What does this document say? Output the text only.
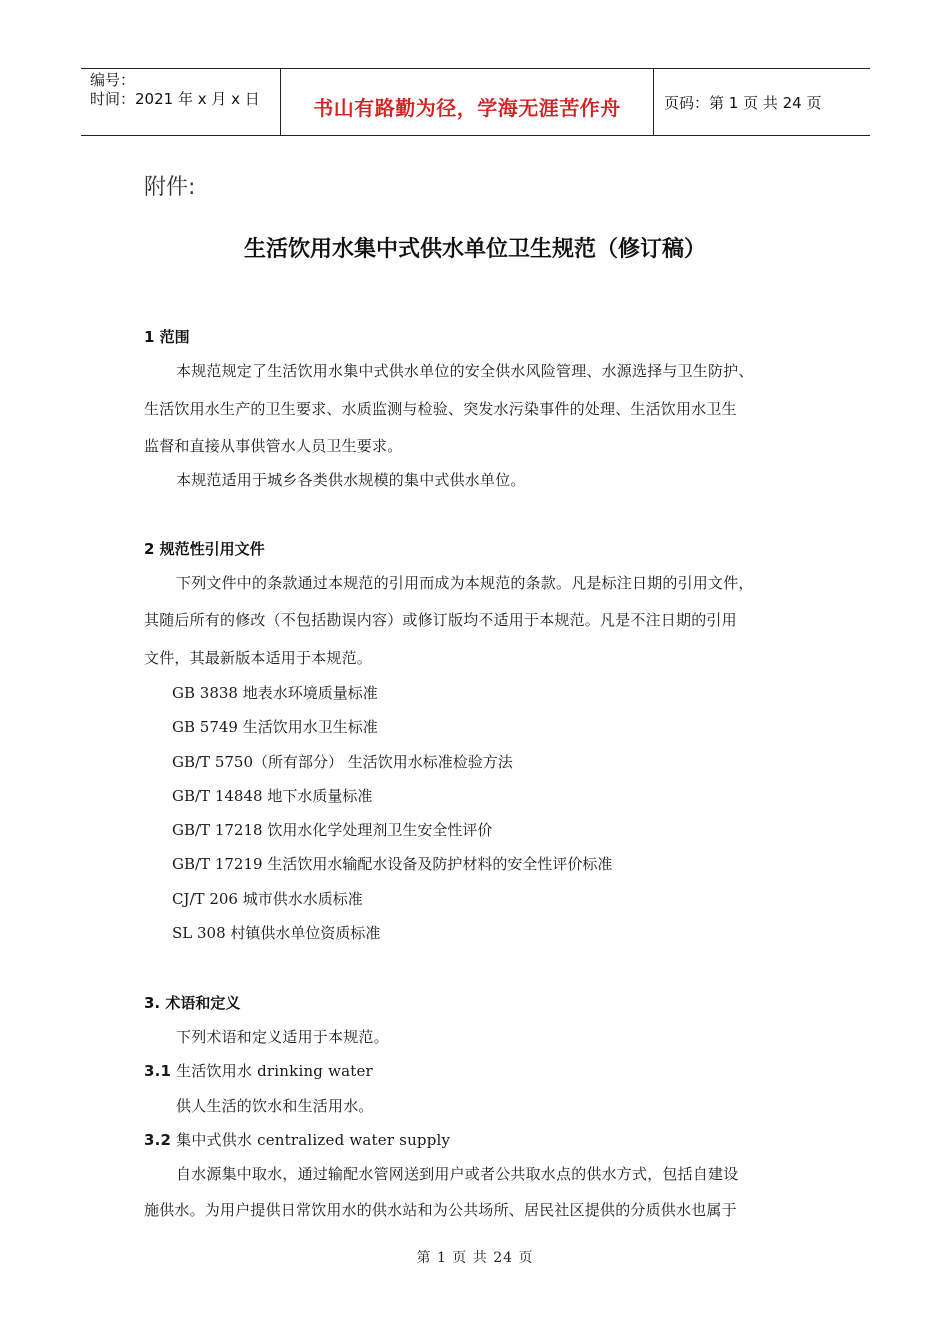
编号：
时间：2021 年 x 月 x 日	书山有路勤为径，学海无涯苦作舟	页码：第 1 页 共 24 页
附件:
生活饮用水集中式供水单位卫生规范（修订稿）
1 范围
本规范规定了生活饮用水集中式供水单位的安全供水风险管理、水源选择与卫生防护、
生活饮用水生产的卫生要求、水质监测与检验、突发水污染事件的处理、生活饮用水卫生
监督和直接从事供管水人员卫生要求。
本规范适用于城乡各类供水规模的集中式供水单位。
2 规范性引用文件
下列文件中的条款通过本规范的引用而成为本规范的条款。凡是标注日期的引用文件，
其随后所有的修改（不包括勘误内容）或修订版均不适用于本规范。凡是不注日期的引用
文件，其最新版本适用于本规范。
GB 3838 地表水环境质量标准
GB 5749 生活饮用水卫生标准
GB/T 5750（所有部分） 生活饮用水标准检验方法
GB/T 14848 地下水质量标准
GB/T 17218 饮用水化学处理剂卫生安全性评价
GB/T 17219 生活饮用水输配水设备及防护材料的安全性评价标准
CJ/T 206 城市供水水质标准
SL 308 村镇供水单位资质标准
3. 术语和定义
下列术语和定义适用于本规范。
3.1 生活饮用水 drinking water
供人生活的饮水和生活用水。
3.2 集中式供水 centralized water supply
自水源集中取水，通过输配水管网送到用户或者公共取水点的供水方式，包括自建设
施供水。为用户提供日常饮用水的供水站和为公共场所、居民社区提供的分质供水也属于
第 1 页 共 24 页
